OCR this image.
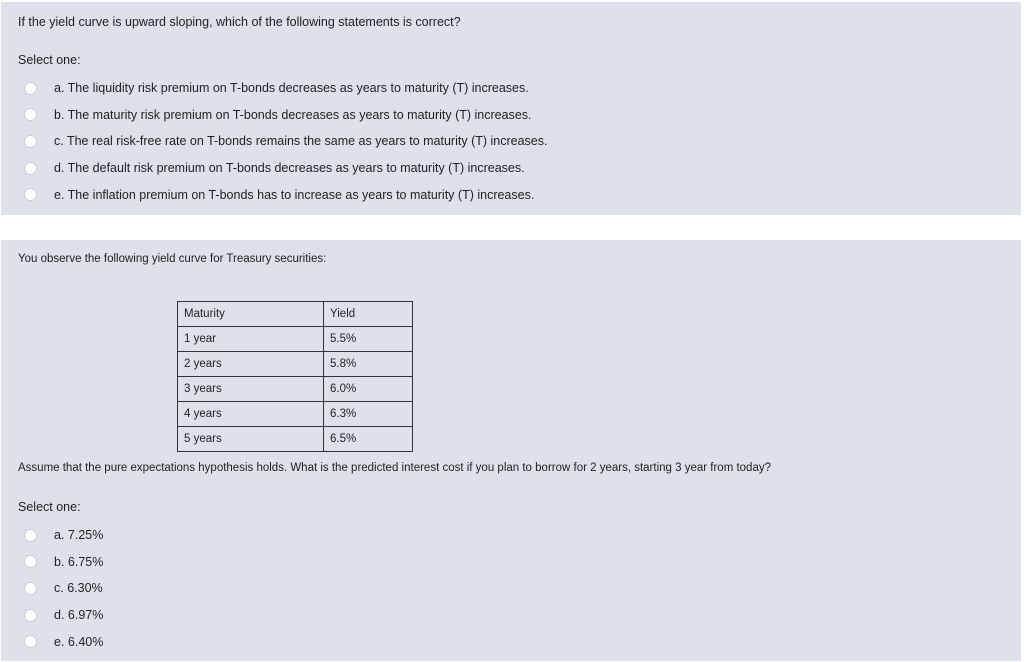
If the yield curve is upward sloping, which of the following statements is correct?
Select one:
a. The liquidity risk premium on T-bonds decreases as years to maturity (T) increases.
b. The maturity risk premium on T-bonds decreases as years to maturity (T) increases.
c. The real risk-free rate on T-bonds remains the same as years to maturity (T) increases.
d. The default risk premium on T-bonds decreases as years to maturity (T) increases.
e. The inflation premium on T-bonds has to increase as years to maturity (T) increases.
You observe the following yield curve for Treasury securities:
Maturity	Yield
1 year	5.5%
2 years	5.8%
3 years	6.0%
4 years	6.3%
5 years	6.5%
Assume that the pure expectations hypothesis holds. What is the predicted interest cost if you plan to borrow for 2 years, starting 3 year from today?
Select one:
a. 7.25%
b. 6.75%
c. 6.30%
d. 6.97%
e. 6.40%
